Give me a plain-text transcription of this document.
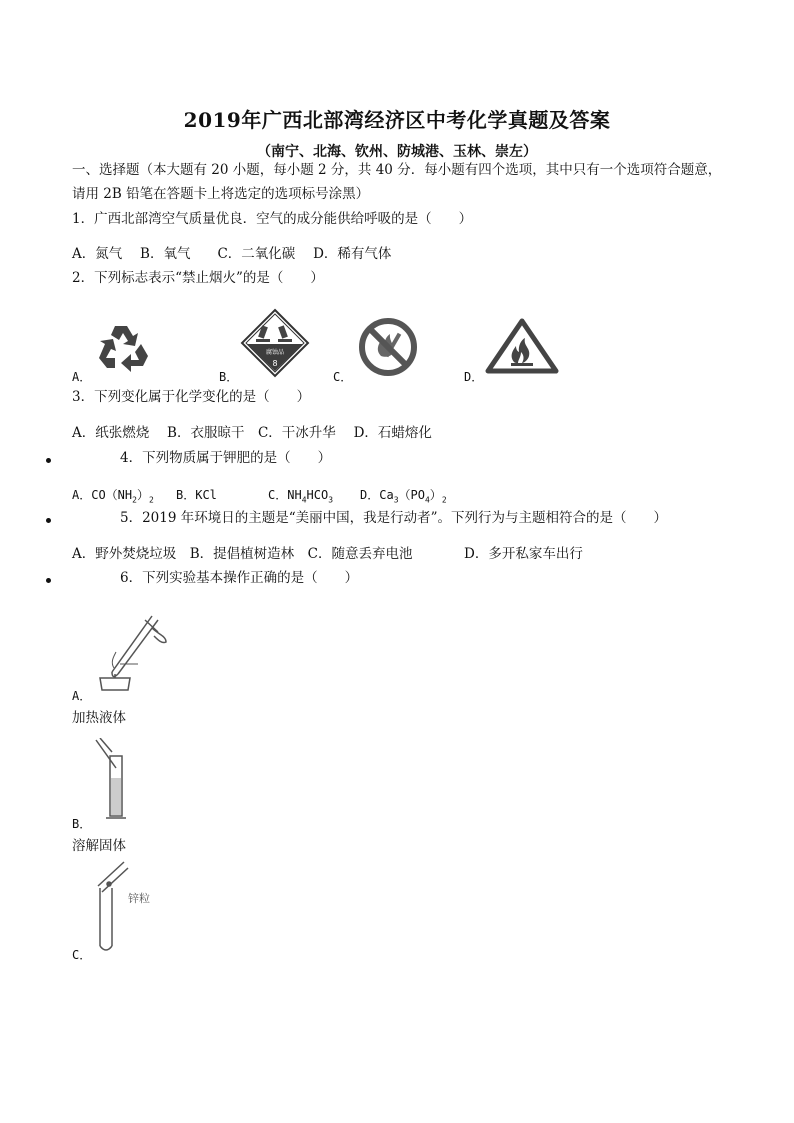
2019年广西北部湾经济区中考化学真题及答案
（南宁、北海、钦州、防城港、玉林、崇左）
一、选择题（本大题有 20 小题，每小题 2 分，共 40 分．每小题有四个选项，其中只有一个选项符合题意，
请用 2B 铅笔在答题卡上将选定的选项标号涂黑）
1．广西北部湾空气质量优良．空气的成分能供给呼吸的是（　　）
A．氮气　 B．氧气　　C．二氧化碳　 D．稀有气体
2．下列标志表示“禁止烟火”的是（　　）
A．
腐蚀品
8
B．	C．	D．
3．下列变化属于化学变化的是（　　）
A．纸张燃烧　 B．衣服晾干　C．干冰升华　 D．石蜡熔化
4．下列物质属于钾肥的是（　　）
A．$CO(NH_2)_2$ B．KCl	C．$NH_4HCO_3$ D．$Ca_3(PO_4)_2$
5．2019 年环境日的主题是“美丽中国，我是行动者”。下列行为与主题相符合的是（　　）
A．野外焚烧垃圾　B．提倡植树造林　C．随意丢弃电池	D．多开私家车出行
6．下列实验基本操作正确的是（　　）
A．
加热液体
B．
溶解固体
锌粒
C．
